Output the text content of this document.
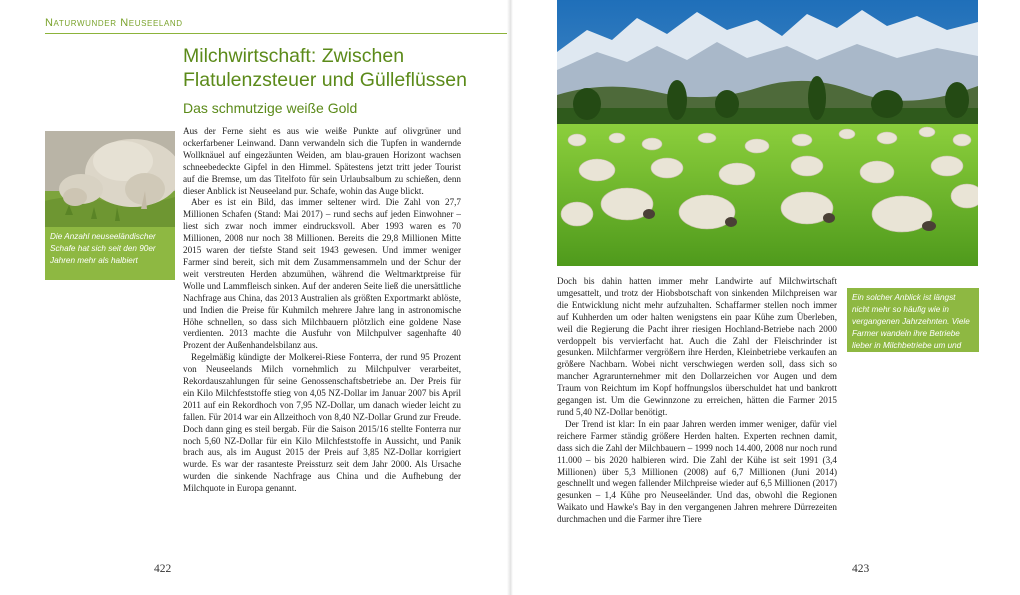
Naturwunder Neuseeland
Milchwirtschaft: Zwischen Flatulenzsteuer und Gülleflüssen
Das schmutzige weiße Gold
Die Anzahl neuseeländischer Schafe hat sich seit den 90er Jahren mehr als halbiert

Aus der Ferne sieht es aus wie weiße Punkte auf olivgrüner und ockerfarbener Leinwand. Dann verwandeln sich die Tupfen in wandernde Wollknäuel auf eingezäunten Weiden, am blau-grauen Horizont wachsen schneebedeckte Gipfel in den Himmel. Spätestens jetzt tritt jeder Tourist auf die Bremse, um das Titelfoto für sein Urlaubsalbum zu schießen, denn dieser Anblick ist Neuseeland pur. Schafe, wohin das Auge blickt.

Aber es ist ein Bild, das immer seltener wird. Die Zahl von 27,7 Millionen Schafen (Stand: Mai 2017) – rund sechs auf jeden Einwohner – liest sich zwar noch immer eindrucksvoll. Aber 1993 waren es 70 Millionen, 2008 nur noch 38 Millionen. Bereits die 29,8 Millionen Mitte 2015 waren der tiefste Stand seit 1943 gewesen. Und immer weniger Farmer sind bereit, sich mit dem Zusammensammeln und der Schur der weit verstreuten Herden abzumühen, während die Weltmarktpreise für Wolle und Lammfleisch sinken. Auf der anderen Seite ließ die unersättliche Nachfrage aus China, das 2013 Australien als größten Exportmarkt ablöste, und Indien die Preise für Kuhmilch mehrere Jahre lang in astronomische Höhe schnellen, so dass sich Milchbauern plötzlich eine goldene Nase verdienten. 2013 machte die Ausfuhr von Milchpulver sagenhafte 40 Prozent der Außenhandelsbilanz aus.

Regelmäßig kündigte der Molkerei-Riese Fonterra, der rund 95 Prozent von Neuseelands Milch vornehmlich zu Milchpulver verarbeitet, Rekordauszahlungen für seine Genossenschaftsbetriebe an. Der Preis für ein Kilo Milchfeststoffe stieg von 4,05 NZ-Dollar im Januar 2007 bis April 2011 auf ein Rekordhoch von 7,95 NZ-Dollar, um danach wieder leicht zu fallen. Für 2014 war ein Allzeithoch von 8,40 NZ-Dollar Grund zur Freude. Doch dann ging es steil bergab. Für die Saison 2015/16 stellte Fonterra nur noch 5,60 NZ-Dollar für ein Kilo Milchfeststoffe in Aussicht, und Panik brach aus, als im August 2015 der Preis auf 3,85 NZ-Dollar korrigiert wurde. Es war der rasanteste Preissturz seit dem Jahr 2000. Als Ursache wurden die sinkende Nachfrage aus China und die Aufhebung der Milchquote in Europa genannt.

422
Ein solcher Anblick ist längst nicht mehr so häufig wie in vergangenen Jahrzehnten. Viele Farmer wandeln ihre Betriebe lieber in Milchbetriebe um und setzen auf Kühe

Doch bis dahin hatten immer mehr Landwirte auf Milchwirtschaft umgesattelt, und trotz der Hiobsbotschaft von sinkenden Milchpreisen war die Entwicklung nicht mehr aufzuhalten. Schaffarmer stellen noch immer auf Kuhherden um oder halten wenigstens ein paar Kühe zum Überleben, weil die Regierung die Pacht ihrer riesigen Hochland-Betriebe nach 2000 verdoppelt bis vervierfacht hat. Auch die Zahl der Fleischrinder ist gesunken. Milchfarmer vergrößern ihre Herden, Kleinbetriebe verkaufen an größere Nachbarn. Wobei nicht verschwiegen werden soll, dass sich so mancher Agrarunternehmer mit den Dollarzeichen vor Augen und dem Traum von Reichtum im Kopf hoffnungslos überschuldet hat und bankrott gegangen ist. Um die Gewinnzone zu erreichen, hätten die Farmer 2015 rund 5,40 NZ-Dollar benötigt.

Der Trend ist klar: In ein paar Jahren werden immer weniger, dafür viel reichere Farmer ständig größere Herden halten. Experten rechnen damit, dass sich die Zahl der Milchbauern – 1999 noch 14.400, 2008 nur noch rund 11.000 – bis 2020 halbieren wird. Die Zahl der Kühe ist seit 1991 (3,4 Millionen) über 5,3 Millionen (2008) auf 6,7 Millionen (Juni 2014) geschnellt und wegen fallender Milchpreise wieder auf 6,5 Millionen (2017) gesunken – 1,4 Kühe pro Neuseeländer. Und das, obwohl die Regionen Waikato und Hawke's Bay in den vergangenen Jahren mehrere Dürrezeiten durchmachen und die Farmer ihre Tiere

423
